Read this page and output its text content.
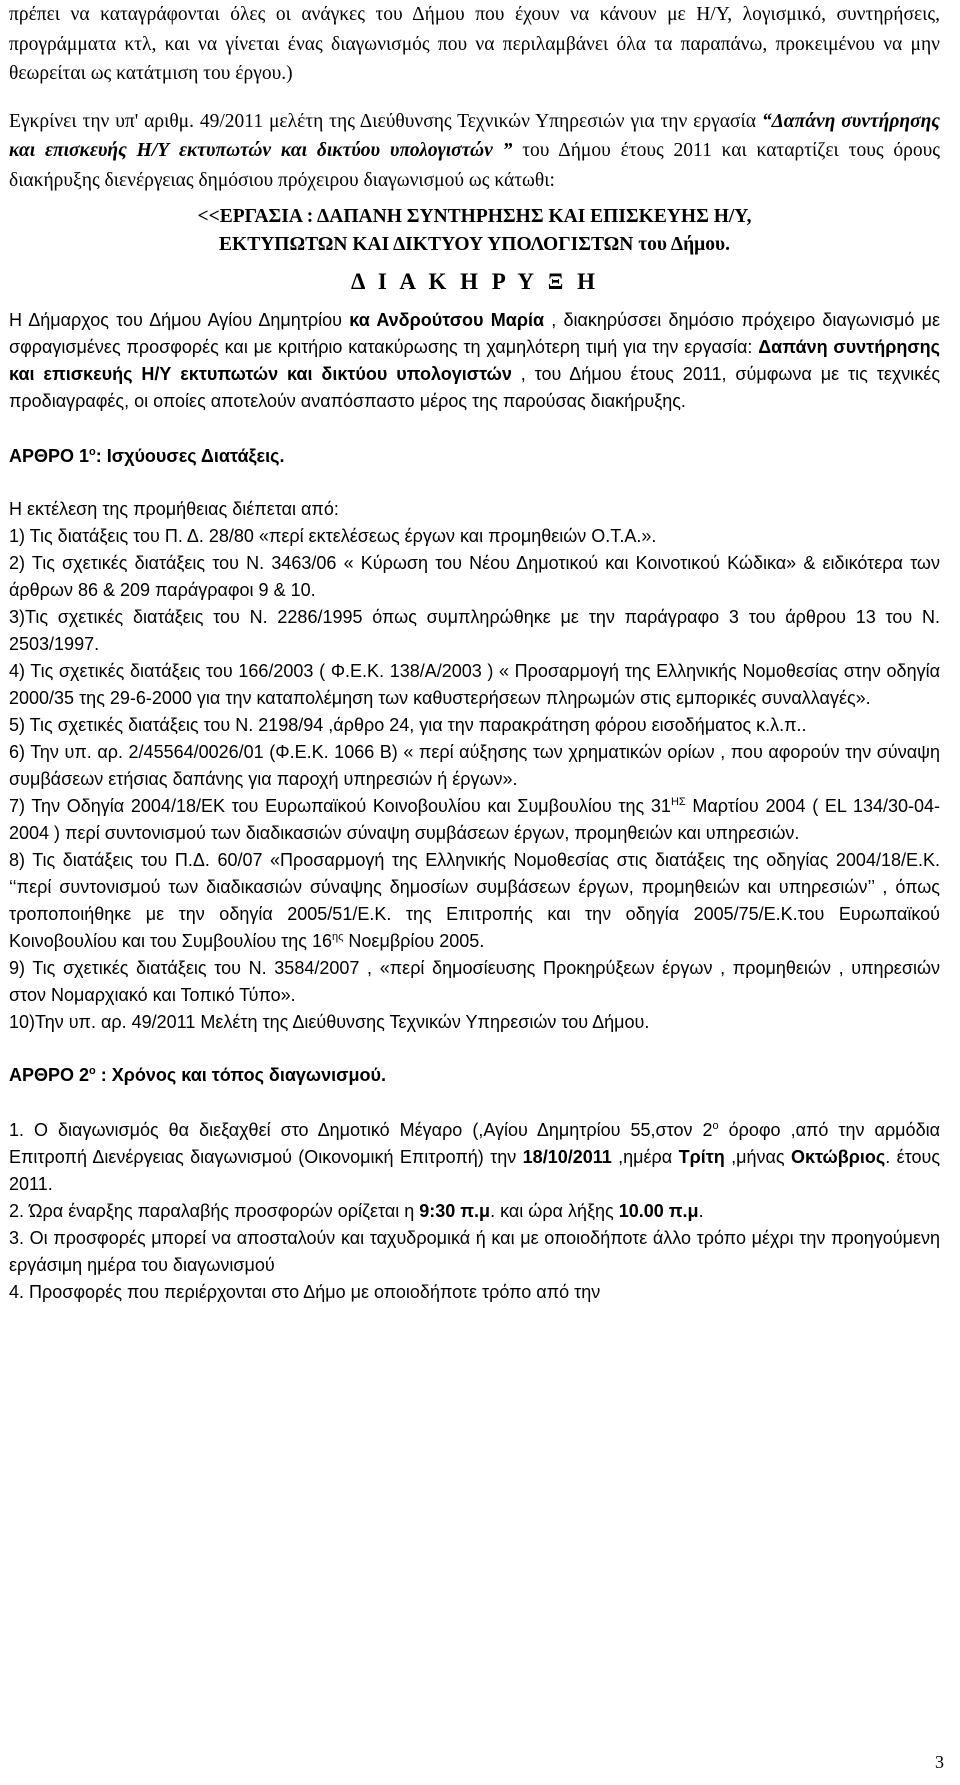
πρέπει να καταγράφονται όλες οι ανάγκες του Δήμου που έχουν να κάνουν με Η/Υ, λογισμικό, συντηρήσεις, προγράμματα κτλ, και να γίνεται ένας διαγωνισμός που να περιλαμβάνει όλα τα παραπάνω, προκειμένου να μην θεωρείται ως κατάτμιση του έργου.)

Εγκρίνει την υπ' αριθμ. 49/2011 μελέτη της Διεύθυνσης Τεχνικών Υπηρεσιών για την εργασία “Δαπάνη συντήρησης και επισκευής Η/Υ εκτυπωτών και δικτύου υπολογιστών ” του Δήμου έτους 2011 και καταρτίζει τους όρους διακήρυξης διενέργειας δημόσιου πρόχειρου διαγωνισμού ως κάτωθι:

<<ΕΡΓΑΣΙΑ : ΔΑΠΑΝΗ ΣΥΝΤΗΡΗΣΗΣ ΚΑΙ ΕΠΙΣΚΕΥΗΣ Η/Υ,
ΕΚΤΥΠΩΤΩΝ ΚΑΙ ΔΙΚΤΥΟΥ ΥΠΟΛΟΓΙΣΤΩΝ του Δήμου.
Δ Ι Α Κ Η Ρ Υ Ξ Η

Η Δήμαρχος του Δήμου Αγίου Δημητρίου κα Ανδρούτσου Μαρία , διακηρύσσει δημόσιο πρόχειρο διαγωνισμό με σφραγισμένες προσφορές και με κριτήριο κατακύρωσης τη χαμηλότερη τιμή για την εργασία: Δαπάνη συντήρησης και επισκευής Η/Υ εκτυπωτών και δικτύου υπολογιστών , του Δήμου έτους 2011, σύμφωνα με τις τεχνικές προδιαγραφές, οι οποίες αποτελούν αναπόσπαστο μέρος της παρούσας διακήρυξης.

ΑΡΘΡΟ $1^o$: Ισχύουσες Διατάξεις.

Η εκτέλεση της προμήθειας διέπεται από:

1) Τις διατάξεις του Π. Δ. 28/80 «περί εκτελέσεως έργων και προμηθειών Ο.Τ.Α.».

2) Τις σχετικές διατάξεις του Ν. 3463/06 « Κύρωση του Νέου Δημοτικού και Κοινοτικού Κώδικα» & ειδικότερα των άρθρων 86 & 209 παράγραφοι 9 & 10.

3)Τις σχετικές διατάξεις του Ν. 2286/1995 όπως συμπληρώθηκε με την παράγραφο 3 του άρθρου 13 του Ν. 2503/1997.

4) Τις σχετικές διατάξεις του 166/2003 ( Φ.Ε.Κ. 138/Α/2003 ) « Προσαρμογή της Ελληνικής Νομοθεσίας στην οδηγία 2000/35 της 29-6-2000 για την καταπολέμηση των καθυστερήσεων πληρωμών στις εμπορικές συναλλαγές».

5) Τις σχετικές διατάξεις του Ν. 2198/94 ,άρθρο 24, για την παρακράτηση φόρου εισοδήματος κ.λ.π..

6) Την υπ. αρ. 2/45564/0026/01 (Φ.Ε.Κ. 1066 Β) « περί αύξησης των χρηματικών ορίων , που αφορούν την σύναψη συμβάσεων ετήσιας δαπάνης για παροχή υπηρεσιών ή έργων».

7) Την Οδηγία 2004/18/ΕΚ του Ευρωπαϊκού Κοινοβουλίου και Συμβουλίου της $31^{H\Sigma}$ Μαρτίου 2004 ( EL 134/30-04-2004 ) περί συντονισμού των διαδικασιών σύναψη συμβάσεων έργων, προμηθειών και υπηρεσιών.

8) Τις διατάξεις του Π.Δ. 60/07 «Προσαρμογή της Ελληνικής Νομοθεσίας στις διατάξεις της οδηγίας 2004/18/Ε.Κ. ‘‘περί συντονισμού των διαδικασιών σύναψης δημοσίων συμβάσεων έργων, προμηθειών και υπηρεσιών’’ , όπως τροποποιήθηκε με την οδηγία 2005/51/Ε.Κ. της Επιτροπής και την οδηγία 2005/75/Ε.Κ.του Ευρωπαϊκού Κοινοβουλίου και του Συμβουλίου της $16^{\eta\varsigma}$ Νοεμβρίου 2005.

9) Τις σχετικές διατάξεις του Ν. 3584/2007 , «περί δημοσίευσης Προκηρύξεων έργων , προμηθειών , υπηρεσιών στον Νομαρχιακό και Τοπικό Τύπο».

10)Την υπ. αρ. 49/2011 Μελέτη της Διεύθυνσης Τεχνικών Υπηρεσιών του Δήμου.

ΑΡΘΡΟ $2^o$ : Χρόνος και τόπος διαγωνισμού.

1. Ο διαγωνισμός θα διεξαχθεί στο Δημοτικό Μέγαρο (,Αγίου Δημητρίου 55,στον $2^o$ όροφο ,από την αρμόδια Επιτροπή Διενέργειας διαγωνισμού (Οικονομική Επιτροπή) την 18/10/2011 ,ημέρα Τρίτη ,μήνας Οκτώβριος. έτους 2011.

2. Ώρα έναρξης παραλαβής προσφορών ορίζεται η 9:30 π.μ. και ώρα λήξης 10.00 π.μ.

3. Οι προσφορές μπορεί να αποσταλούν και ταχυδρομικά ή και με οποιοδήποτε άλλο τρόπο μέχρι την προηγούμενη εργάσιμη ημέρα του διαγωνισμού

4. Προσφορές που περιέρχονται στο Δήμο με οποιοδήποτε τρόπο από την

3
